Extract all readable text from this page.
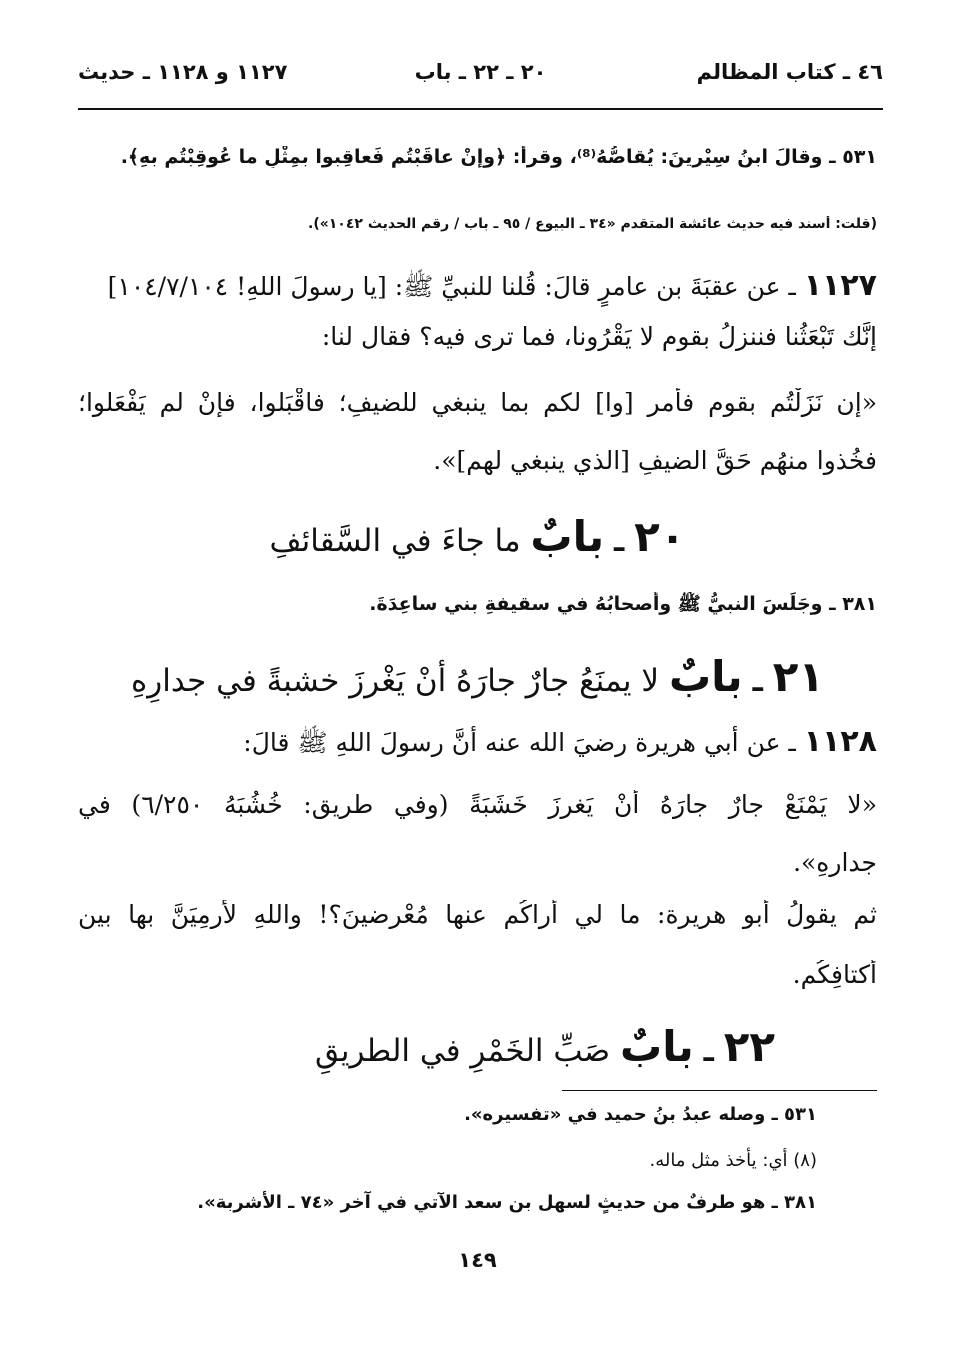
٤٦ ـ كتاب المظالم
٢٠ ـ ٢٢ ـ باب
١١٢٧ و ١١٢٨ ـ حديث
٥٣١ ـ وقالَ ابنُ سِيْرِينَ: يُقاصُّهُ⁽⁸⁾، وقرأ: ﴿وإنْ عاقَبْتُم فَعاقِبوا بمِثْلِ ما عُوقِبْتُم بهِ﴾.
(قلت: أسند فيه حديث عائشة المتقدم «٣٤ ـ البيوع / ٩٥ ـ باب / رقم الحديث ١٠٤٢»).
١١٢٧ ـ عن عقبَةَ بن عامرٍ قالَ: قُلنا للنبيِّ ﷺ: [يا رسولَ اللهِ! ١٠٤/٧/١٠٤]
إنَّك تَبْعَثُنا فننزِلُ بقومٍ لا يَقْرُونا، فما ترى فيه؟ فقال لنا:
«إن نَزَلْتُم بقومٍ فأمر [وا] لكم بما ينبغي للضيفِ؛ فاقْبَلوا، فإنْ لم يَفْعَلوا؛
فخُذوا منهُم حَقَّ الضيفِ [الذي ينبغي لهم]».
٢٠ ـ بابٌ ما جاءَ في السَّقائفِ
٣٨١ ـ وجَلَسَ النبيُّ ﷺ وأصحابُهُ في سقيفةِ بني ساعِدَةَ.
٢١ ـ بابٌ لا يمنَعُ جارٌ جارَهُ أنْ يَغْرزَ خشبةً في جدارِهِ
١١٢٨ ـ عن أبي هريرة رضيَ الله عنه أنَّ رسولَ اللهِ ﷺ قالَ:
«لا يَمْنَعْ جارٌ جارَهُ أنْ يَغرِزَ خَشَبَةً (وفي طريق: خُشُبَهُ ٦/٢٥٠) في
جدارِهِ».
ثم يقولُ أبو هريرة: ما لي أراكُم عنها مُعْرِضينَ؟! واللهِ لأرمِيَنَّ بها بين
أكتافِكُم.
٢٢ ـ بابٌ صَبِّ الخَمْرِ في الطريقِ
٥٣١ ـ وصله عبدُ بنُ حميد في «تفسيره».
(٨) أي: يأخذ مثل ماله.
٣٨١ ـ هو طرفٌ من حديثٍ لسهل بن سعد الآتي في آخر «٧٤ ـ الأشربة».
١٤٩
